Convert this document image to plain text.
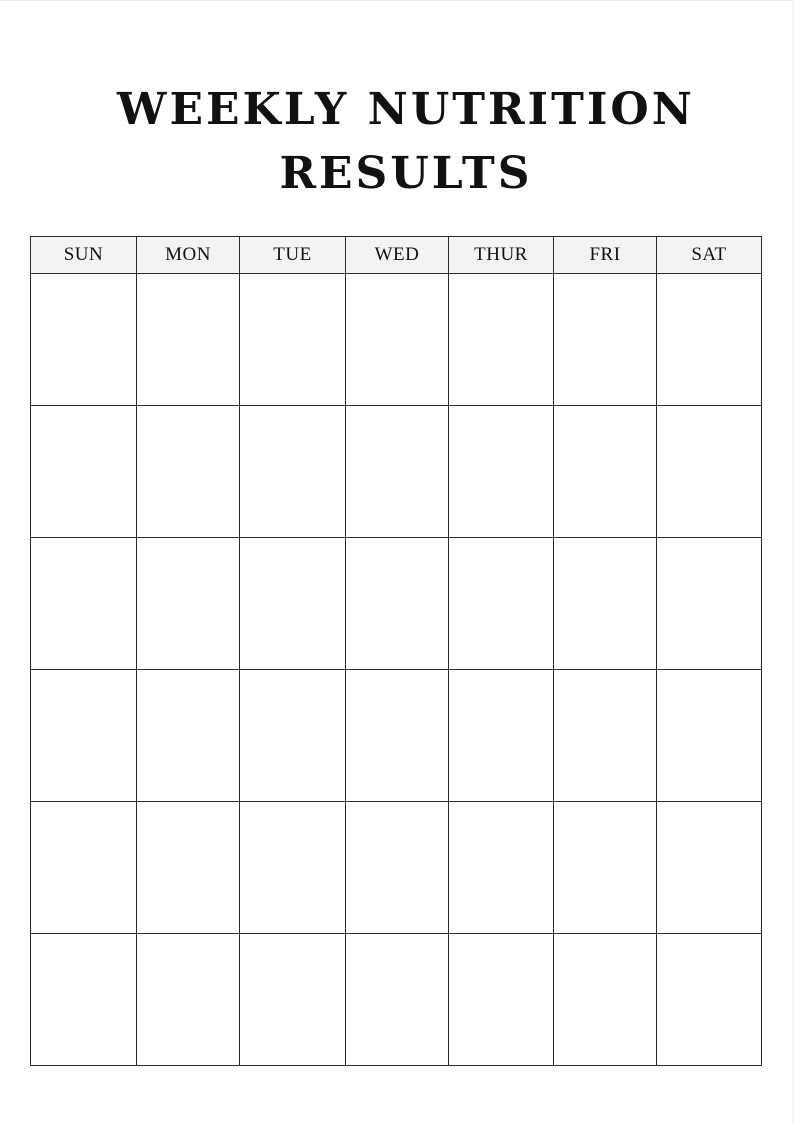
WEEKLY NUTRITION
RESULTS
SUN	MON	TUE	WED	THUR	FRI	SAT
